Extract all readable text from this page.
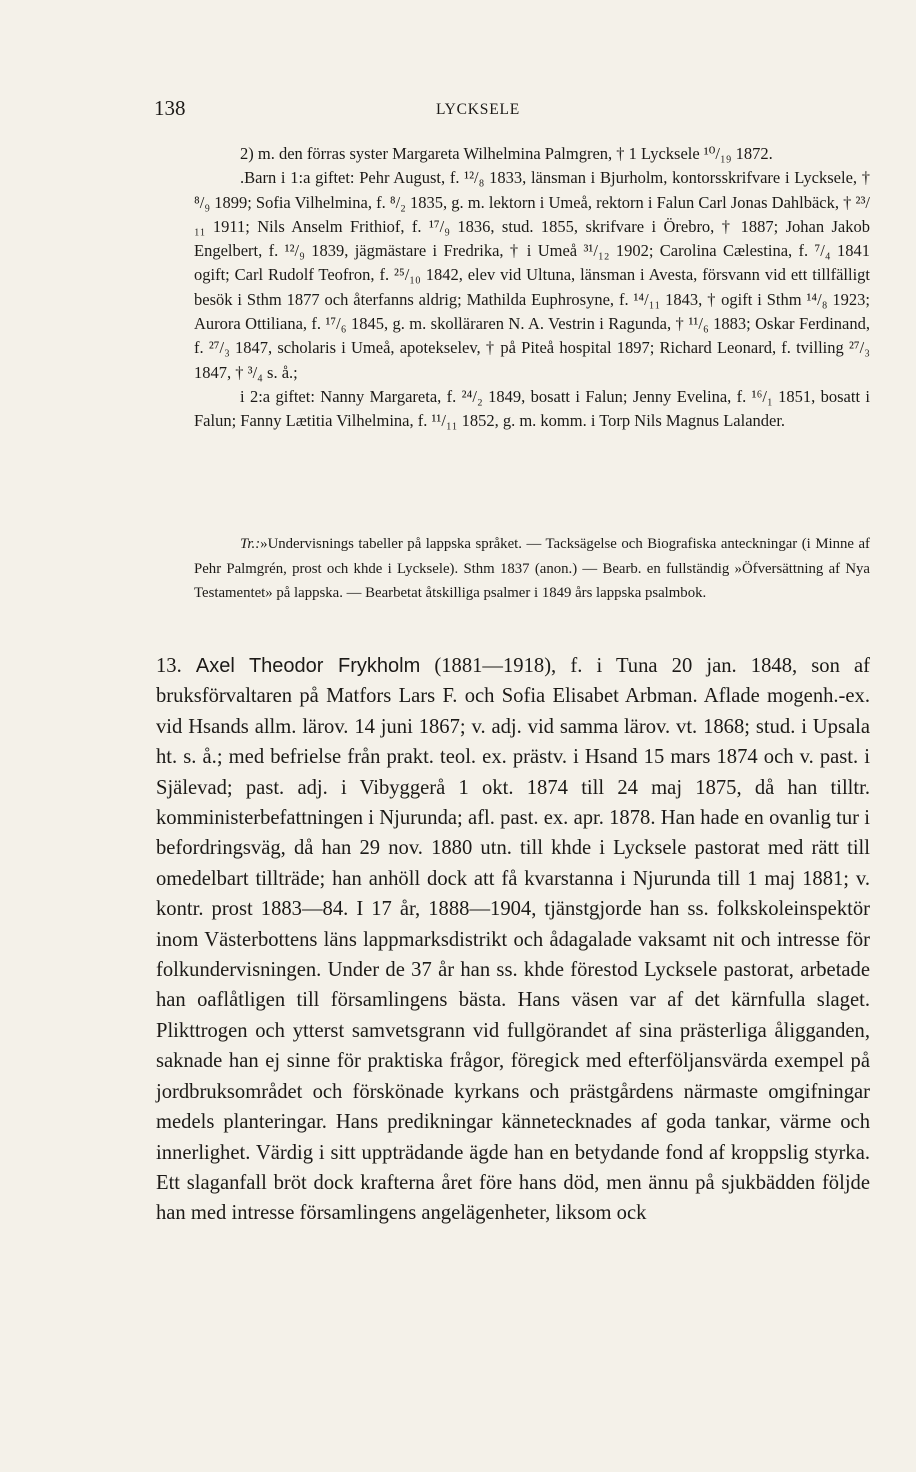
138	LYCKSELE

2) m. den förras syster Margareta Wilhelmina Palmgren, † 1 Lycksele ¹⁰/₁₉ 1872.

.Barn i 1:a giftet: Pehr August, f. ¹²/₈ 1833, länsman i Bjurholm, kontorsskrifvare i Lycksele, † ⁸/₉ 1899; Sofia Vilhelmina, f. ⁸/₂ 1835, g. m. lektorn i Umeå, rektorn i Falun Carl Jonas Dahlbäck, † ²³/₁₁ 1911; Nils Anselm Frithiof, f. ¹⁷/₉ 1836, stud. 1855, skrifvare i Örebro, † 1887; Johan Jakob Engelbert, f. ¹²/₉ 1839, jägmästare i Fredrika, † i Umeå ³¹/₁₂ 1902; Carolina Cælestina, f. ⁷/₄ 1841 ogift; Carl Rudolf Teofron, f. ²⁵/₁₀ 1842, elev vid Ultuna, länsman i Avesta, försvann vid ett tillfälligt besök i Sthm 1877 och återfanns aldrig; Mathilda Euphrosyne, f. ¹⁴/₁₁ 1843, † ogift i Sthm ¹⁴/₈ 1923; Aurora Ottiliana, f. ¹⁷/₆ 1845, g. m. skolläraren N. A. Vestrin i Ragunda, † ¹¹/₆ 1883; Oskar Ferdinand, f. ²⁷/₃ 1847, scholaris i Umeå, apotekselev, † på Piteå hospital 1897; Richard Leonard, f. tvilling ²⁷/₃ 1847, † ³/₄ s. å.;

i 2:a giftet: Nanny Margareta, f. ²⁴/₂ 1849, bosatt i Falun; Jenny Evelina, f. ¹⁶/₁ 1851, bosatt i Falun; Fanny Lætitia Vilhelmina, f. ¹¹/₁₁ 1852, g. m. komm. i Torp Nils Magnus Lalander.

Tr.:»Undervisnings tabeller på lappska språket. — Tacksägelse och Biografiska anteckningar (i Minne af Pehr Palmgrén, prost och khde i Lycksele). Sthm 1837 (anon.) — Bearb. en fullständig »Öfversättning af Nya Testamentet» på lappska. — Bearbetat åtskilliga psalmer i 1849 års lappska psalmbok.

13. Axel Theodor Frykholm (1881—1918), f. i Tuna 20 jan. 1848, son af bruksförvaltaren på Matfors Lars F. och Sofia Elisabet Arbman. Aflade mogenh.-ex. vid Hsands allm. lärov. 14 juni 1867; v. adj. vid samma lärov. vt. 1868; stud. i Upsala ht. s. å.; med befrielse från prakt. teol. ex. prästv. i Hsand 15 mars 1874 och v. past. i Själevad; past. adj. i Vibyggerå 1 okt. 1874 till 24 maj 1875, då han tilltr. komministerbefattningen i Njurunda; afl. past. ex. apr. 1878. Han hade en ovanlig tur i befordringsväg, då han 29 nov. 1880 utn. till khde i Lycksele pastorat med rätt till omedelbart tillträde; han anhöll dock att få kvarstanna i Njurunda till 1 maj 1881; v. kontr. prost 1883—84. I 17 år, 1888—1904, tjänstgjorde han ss. folkskoleinspektör inom Västerbottens läns lappmarksdistrikt och ådagalade vaksamt nit och intresse för folkundervisningen. Under de 37 år han ss. khde förestod Lycksele pastorat, arbetade han oaflåtligen till församlingens bästa. Hans väsen var af det kärnfulla slaget. Plikttrogen och ytterst samvetsgrann vid fullgörandet af sina prästerliga åligganden, saknade han ej sinne för praktiska frågor, föregick med efterföljansvärda exempel på jordbruksområdet och förskönade kyrkans och prästgårdens närmaste omgifningar medels planteringar. Hans predikningar kännetecknades af goda tankar, värme och innerlighet. Värdig i sitt uppträdande ägde han en betydande fond af kroppslig styrka. Ett slaganfall bröt dock krafterna året före hans död, men ännu på sjukbädden följde han med intresse församlingens angelägenheter, liksom ock
